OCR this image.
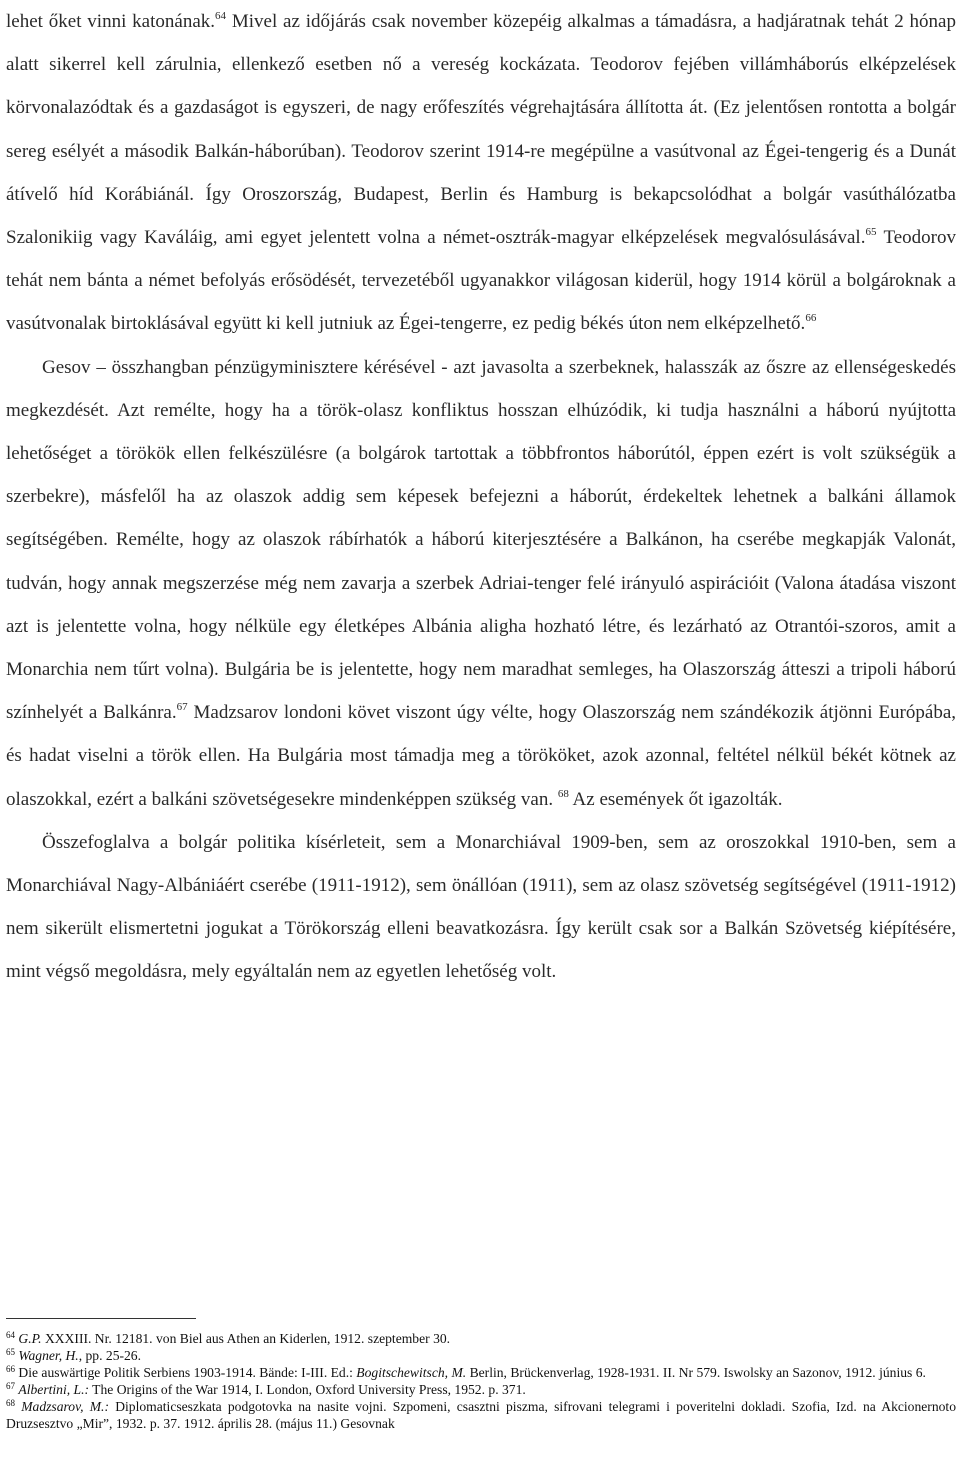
lehet őket vinni katonának.$^{64}$ Mivel az időjárás csak november közepéig alkalmas a támadásra, a hadjáratnak tehát 2 hónap alatt sikerrel kell zárulnia, ellenkező esetben nő a vereség kockázata. Teodorov fejében villámháborús elképzelések körvonalazódtak és a gazdaságot is egyszeri, de nagy erőfeszítés végrehajtására állította át. (Ez jelentősen rontotta a bolgár sereg esélyét a második Balkán-háborúban). Teodorov szerint 1914-re megépülne a vasútvonal az Égei-tengerig és a Dunát átívelő híd Korábiánál. Így Oroszország, Budapest, Berlin és Hamburg is bekapcsolódhat a bolgár vasúthálózatba Szalonikiig vagy Kaváláig, ami egyet jelentett volna a német-osztrák-magyar elképzelések megvalósulásával.$^{65}$ Teodorov tehát nem bánta a német befolyás erősödését, tervezetéből ugyanakkor világosan kiderül, hogy 1914 körül a bolgároknak a vasútvonalak birtoklásával együtt ki kell jutniuk az Égei-tengerre, ez pedig békés úton nem elképzelhető.$^{66}$

Gesov – összhangban pénzügyminisztere kérésével - azt javasolta a szerbeknek, halasszák az őszre az ellenségeskedés megkezdését. Azt remélte, hogy ha a török-olasz konfliktus hosszan elhúzódik, ki tudja használni a háború nyújtotta lehetőséget a törökök ellen felkészülésre (a bolgárok tartottak a többfrontos háborútól, éppen ezért is volt szükségük a szerbekre), másfelől ha az olaszok addig sem képesek befejezni a háborút, érdekeltek lehetnek a balkáni államok segítségében. Remélte, hogy az olaszok rábírhatók a háború kiterjesztésére a Balkánon, ha cserébe megkapják Valonát, tudván, hogy annak megszerzése még nem zavarja a szerbek Adriai-tenger felé irányuló aspirációit (Valona átadása viszont azt is jelentette volna, hogy nélküle egy életképes Albánia aligha hozható létre, és lezárható az Otrantói-szoros, amit a Monarchia nem tűrt volna). Bulgária be is jelentette, hogy nem maradhat semleges, ha Olaszország átteszi a tripoli háború színhelyét a Balkánra.$^{67}$ Madzsarov londoni követ viszont úgy vélte, hogy Olaszország nem szándékozik átjönni Európába, és hadat viselni a török ellen. Ha Bulgária most támadja meg a törököket, azok azonnal, feltétel nélkül békét kötnek az olaszokkal, ezért a balkáni szövetségesekre mindenképpen szükség van. $^{68}$ Az események őt igazolták.

Összefoglalva a bolgár politika kísérleteit, sem a Monarchiával 1909-ben, sem az oroszokkal 1910-ben, sem a Monarchiával Nagy-Albániáért cserébe (1911-1912), sem önállóan (1911), sem az olasz szövetség segítségével (1911-1912) nem sikerült elismertetni jogukat a Törökország elleni beavatkozásra. Így került csak sor a Balkán Szövetség kiépítésére, mint végső megoldásra, mely egyáltalán nem az egyetlen lehetőség volt.

$^{64}$ G.P. XXXIII. Nr. 12181. von Biel aus Athen an Kiderlen, 1912. szeptember 30.

$^{65}$ Wagner, H., pp. 25-26.

$^{66}$ Die auswärtige Politik Serbiens 1903-1914. Bände: I-III. Ed.: Bogitschewitsch, M. Berlin, Brückenverlag, 1928-1931. II. Nr 579. Iswolsky an Sazonov, 1912. június 6.

$^{67}$ Albertini, L.: The Origins of the War 1914, I. London, Oxford University Press, 1952. p. 371.

$^{68}$ Madzsarov, M.: Diplomaticseszkata podgotovka na nasite vojni. Szpomeni, csasztni piszma, sifrovani telegrami i poveritelni dokladi. Szofia, Izd. na Akcionernoto Druzsesztvo „Mir”, 1932. p. 37. 1912. április 28. (május 11.) Gesovnak
